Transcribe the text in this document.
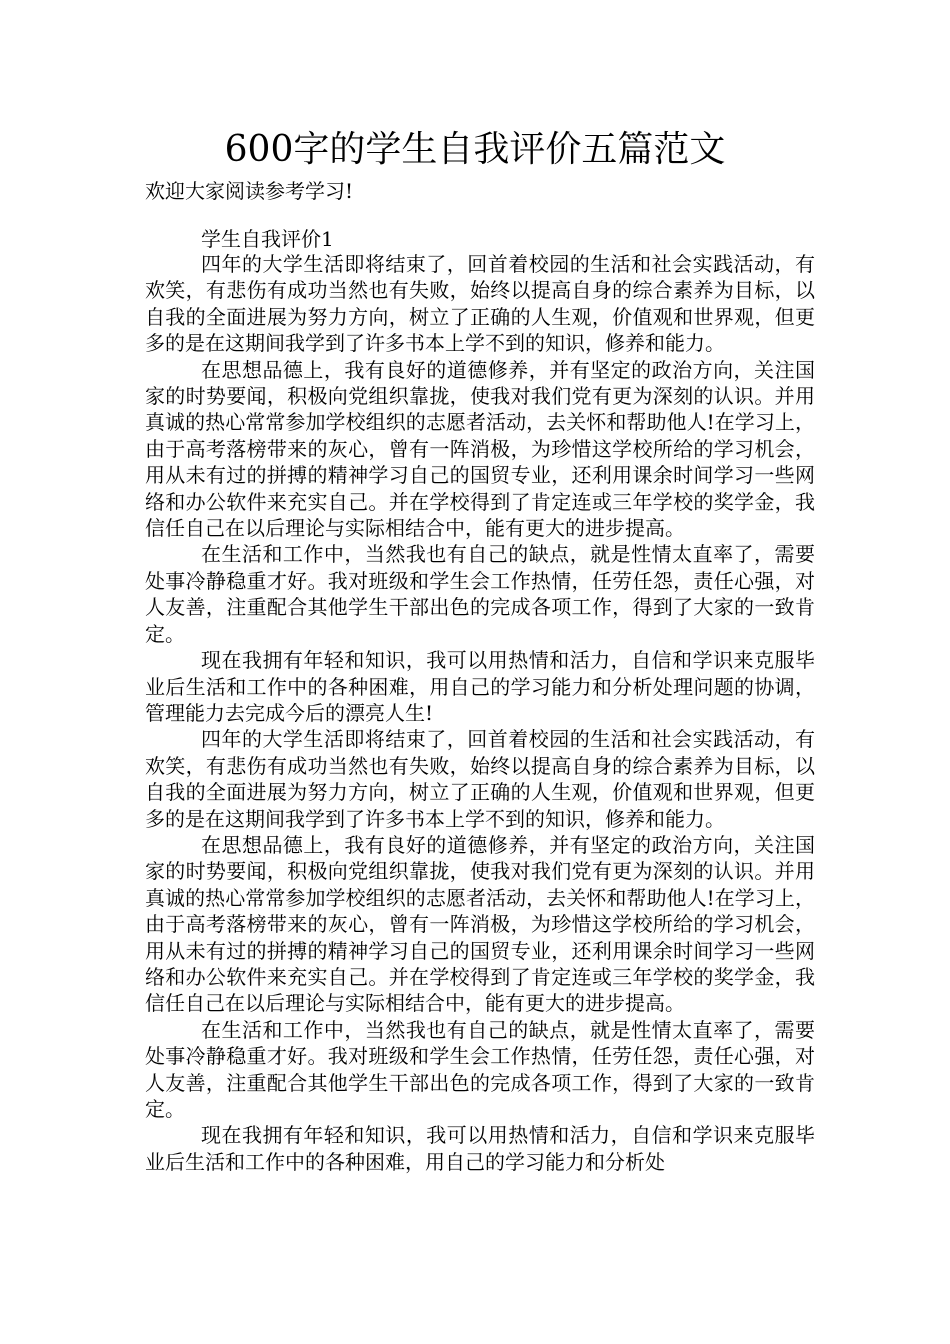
600字的学生自我评价五篇范文
欢迎大家阅读参考学习!
学生自我评价1

四年的大学生活即将结束了，回首着校园的生活和社会实践活动，有欢笑，有悲伤有成功当然也有失败，始终以提高自身的综合素养为目标，以自我的全面进展为努力方向，树立了正确的人生观，价值观和世界观，但更多的是在这期间我学到了许多书本上学不到的知识，修养和能力。

在思想品德上，我有良好的道德修养，并有坚定的政治方向，关注国家的时势要闻，积极向党组织靠拢，使我对我们党有更为深刻的认识。并用真诚的热心常常参加学校组织的志愿者活动，去关怀和帮助他人!在学习上，由于高考落榜带来的灰心，曾有一阵消极，为珍惜这学校所给的学习机会，用从未有过的拼搏的精神学习自己的国贸专业，还利用课余时间学习一些网络和办公软件来充实自己。并在学校得到了肯定连或三年学校的奖学金，我信任自己在以后理论与实际相结合中，能有更大的进步提高。

在生活和工作中，当然我也有自己的缺点，就是性情太直率了，需要处事冷静稳重才好。我对班级和学生会工作热情，任劳任怨，责任心强，对人友善，注重配合其他学生干部出色的完成各项工作，得到了大家的一致肯定。

现在我拥有年轻和知识，我可以用热情和活力，自信和学识来克服毕业后生活和工作中的各种困难，用自己的学习能力和分析处理问题的协调，管理能力去完成今后的漂亮人生!

四年的大学生活即将结束了，回首着校园的生活和社会实践活动，有欢笑，有悲伤有成功当然也有失败，始终以提高自身的综合素养为目标，以自我的全面进展为努力方向，树立了正确的人生观，价值观和世界观，但更多的是在这期间我学到了许多书本上学不到的知识，修养和能力。

在思想品德上，我有良好的道德修养，并有坚定的政治方向，关注国家的时势要闻，积极向党组织靠拢，使我对我们党有更为深刻的认识。并用真诚的热心常常参加学校组织的志愿者活动，去关怀和帮助他人!在学习上，由于高考落榜带来的灰心，曾有一阵消极，为珍惜这学校所给的学习机会，用从未有过的拼搏的精神学习自己的国贸专业，还利用课余时间学习一些网络和办公软件来充实自己。并在学校得到了肯定连或三年学校的奖学金，我信任自己在以后理论与实际相结合中，能有更大的进步提高。

在生活和工作中，当然我也有自己的缺点，就是性情太直率了，需要处事冷静稳重才好。我对班级和学生会工作热情，任劳任怨，责任心强，对人友善，注重配合其他学生干部出色的完成各项工作，得到了大家的一致肯定。

现在我拥有年轻和知识，我可以用热情和活力，自信和学识来克服毕业后生活和工作中的各种困难，用自己的学习能力和分析处
